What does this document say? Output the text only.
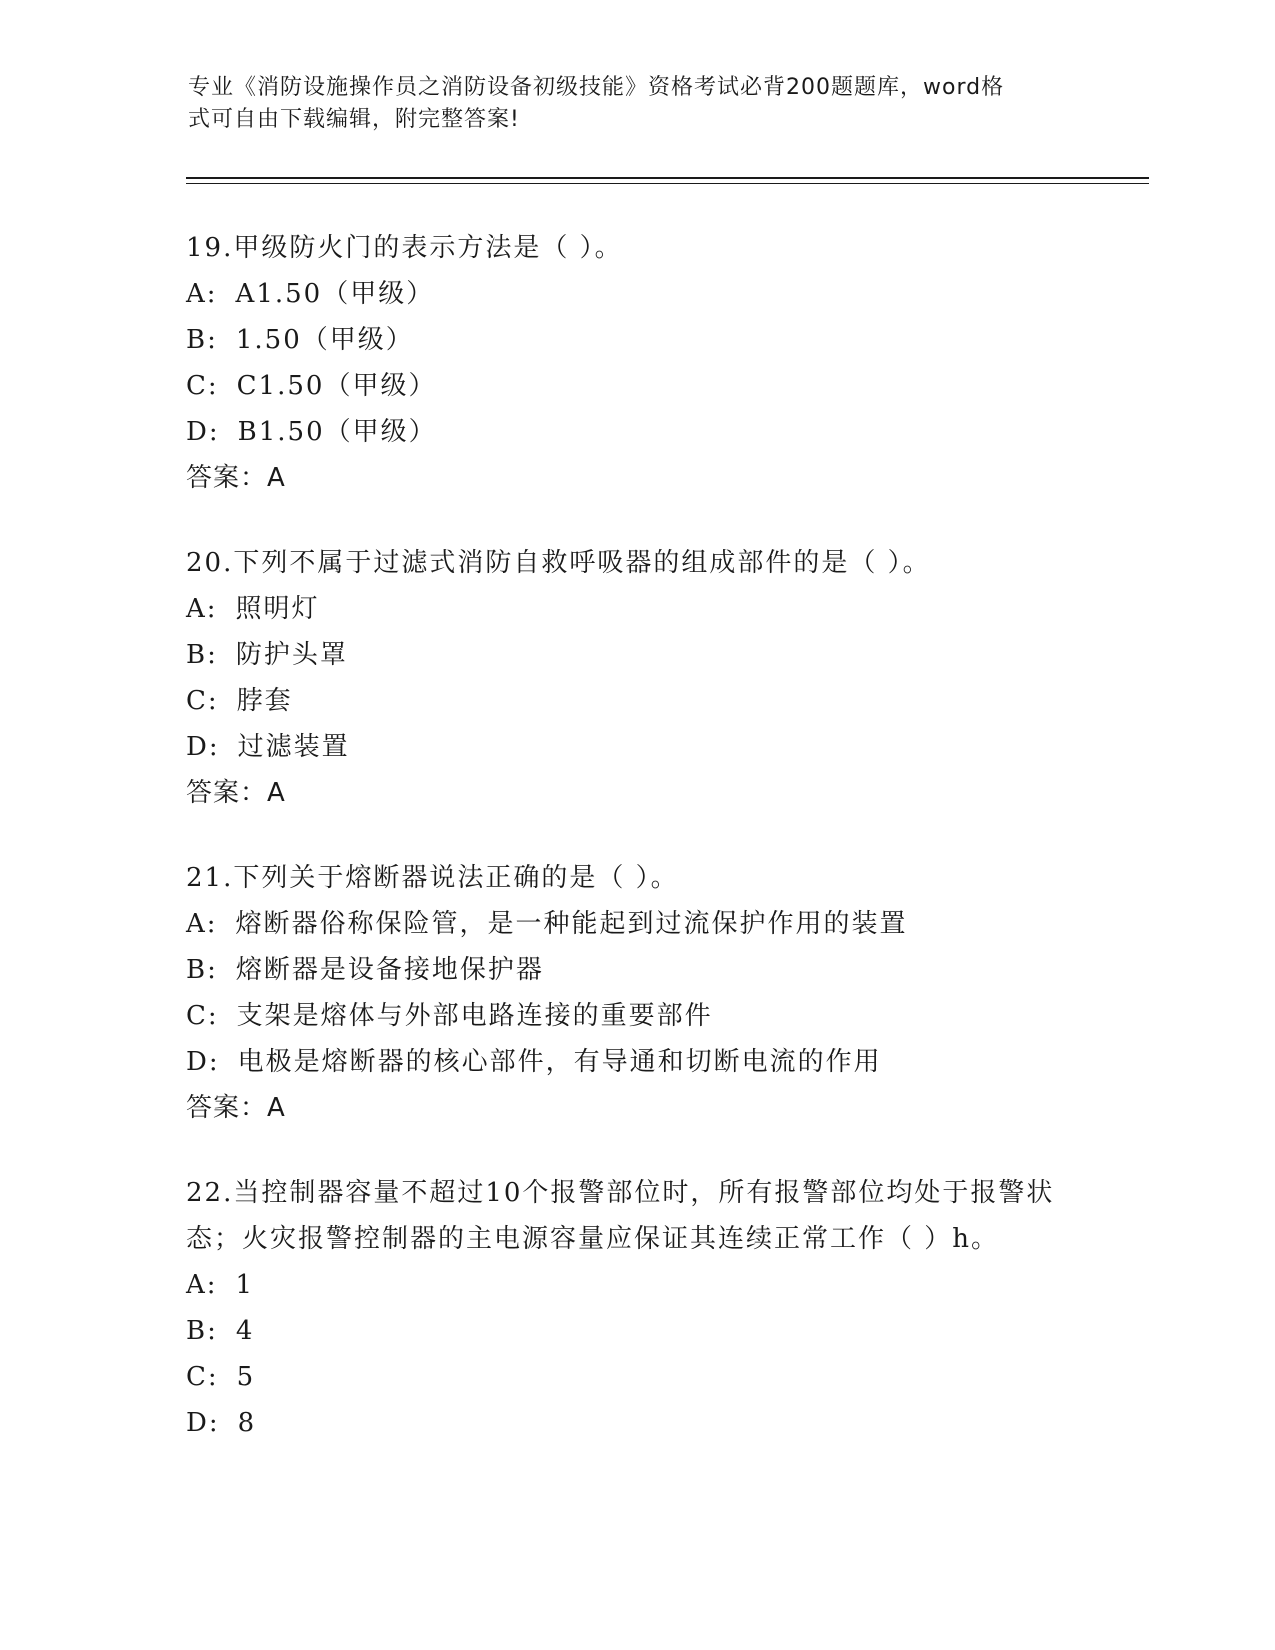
专业《消防设施操作员之消防设备初级技能》资格考试必背200题题库，word格
式可自由下载编辑，附完整答案!
19.甲级防火门的表示方法是（ ）。
A: A1.50（甲级）
B: 1.50（甲级）
C: C1.50（甲级）
D: B1.50（甲级）
答案：A
20.下列不属于过滤式消防自救呼吸器的组成部件的是（ ）。
A: 照明灯
B: 防护头罩
C: 脖套
D: 过滤装置
答案：A
21.下列关于熔断器说法正确的是（ ）。
A: 熔断器俗称保险管，是一种能起到过流保护作用的装置
B: 熔断器是设备接地保护器
C: 支架是熔体与外部电路连接的重要部件
D: 电极是熔断器的核心部件，有导通和切断电流的作用
答案：A
22.当控制器容量不超过10个报警部位时，所有报警部位均处于报警状态；火灾报警控制器的主电源容量应保证其连续正常工作（ ）h。
A: 1
B: 4
C: 5
D: 8
